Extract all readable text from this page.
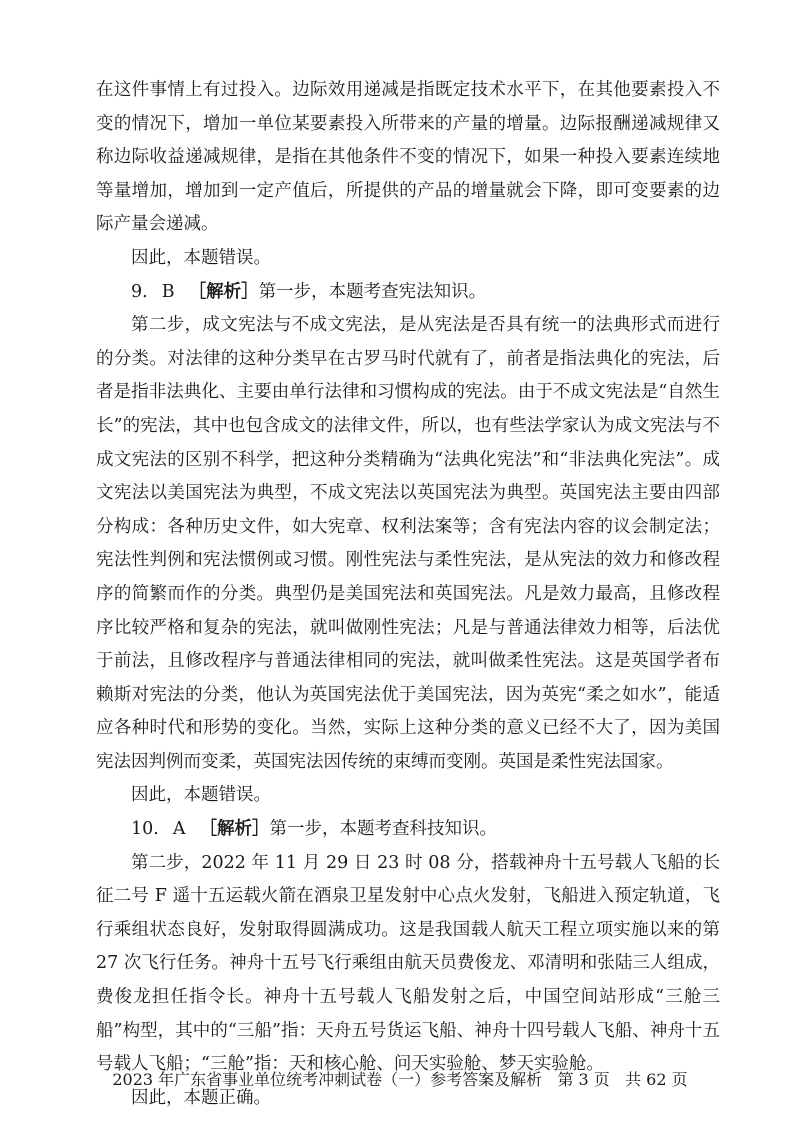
在这件事情上有过投入。边际效用递减是指既定技术水平下，在其他要素投入不变的情况下，增加一单位某要素投入所带来的产量的增量。边际报酬递减规律又称边际收益递减规律，是指在其他条件不变的情况下，如果一种投入要素连续地等量增加，增加到一定产值后，所提供的产品的增量就会下降，即可变要素的边际产量会递减。

因此，本题错误。

9. B ［解析］第一步，本题考查宪法知识。

第二步，成文宪法与不成文宪法，是从宪法是否具有统一的法典形式而进行的分类。对法律的这种分类早在古罗马时代就有了，前者是指法典化的宪法，后者是指非法典化、主要由单行法律和习惯构成的宪法。由于不成文宪法是“自然生长”的宪法，其中也包含成文的法律文件，所以，也有些法学家认为成文宪法与不成文宪法的区别不科学，把这种分类精确为“法典化宪法”和“非法典化宪法”。成文宪法以美国宪法为典型，不成文宪法以英国宪法为典型。英国宪法主要由四部分构成：各种历史文件，如大宪章、权利法案等；含有宪法内容的议会制定法；宪法性判例和宪法惯例或习惯。刚性宪法与柔性宪法，是从宪法的效力和修改程序的简繁而作的分类。典型仍是美国宪法和英国宪法。凡是效力最高，且修改程序比较严格和复杂的宪法，就叫做刚性宪法；凡是与普通法律效力相等，后法优于前法，且修改程序与普通法律相同的宪法，就叫做柔性宪法。这是英国学者布赖斯对宪法的分类，他认为英国宪法优于美国宪法，因为英宪“柔之如水”，能适应各种时代和形势的变化。当然，实际上这种分类的意义已经不大了，因为美国宪法因判例而变柔，英国宪法因传统的束缚而变刚。英国是柔性宪法国家。

因此，本题错误。

10. A ［解析］第一步，本题考查科技知识。

第二步，2022 年 11 月 29 日 23 时 08 分，搭载神舟十五号载人飞船的长征二号 F 遥十五运载火箭在酒泉卫星发射中心点火发射，飞船进入预定轨道，飞行乘组状态良好，发射取得圆满成功。这是我国载人航天工程立项实施以来的第 27 次飞行任务。神舟十五号飞行乘组由航天员费俊龙、邓清明和张陆三人组成，费俊龙担任指令长。神舟十五号载人飞船发射之后，中国空间站形成“三舱三船”构型，其中的“三船”指：天舟五号货运飞船、神舟十四号载人飞船、神舟十五号载人飞船；“三舱”指：天和核心舱、问天实验舱、梦天实验舱。

因此，本题正确。

2023 年广东省事业单位统考冲刺试卷（一）参考答案及解析 第 3 页 共 62 页
